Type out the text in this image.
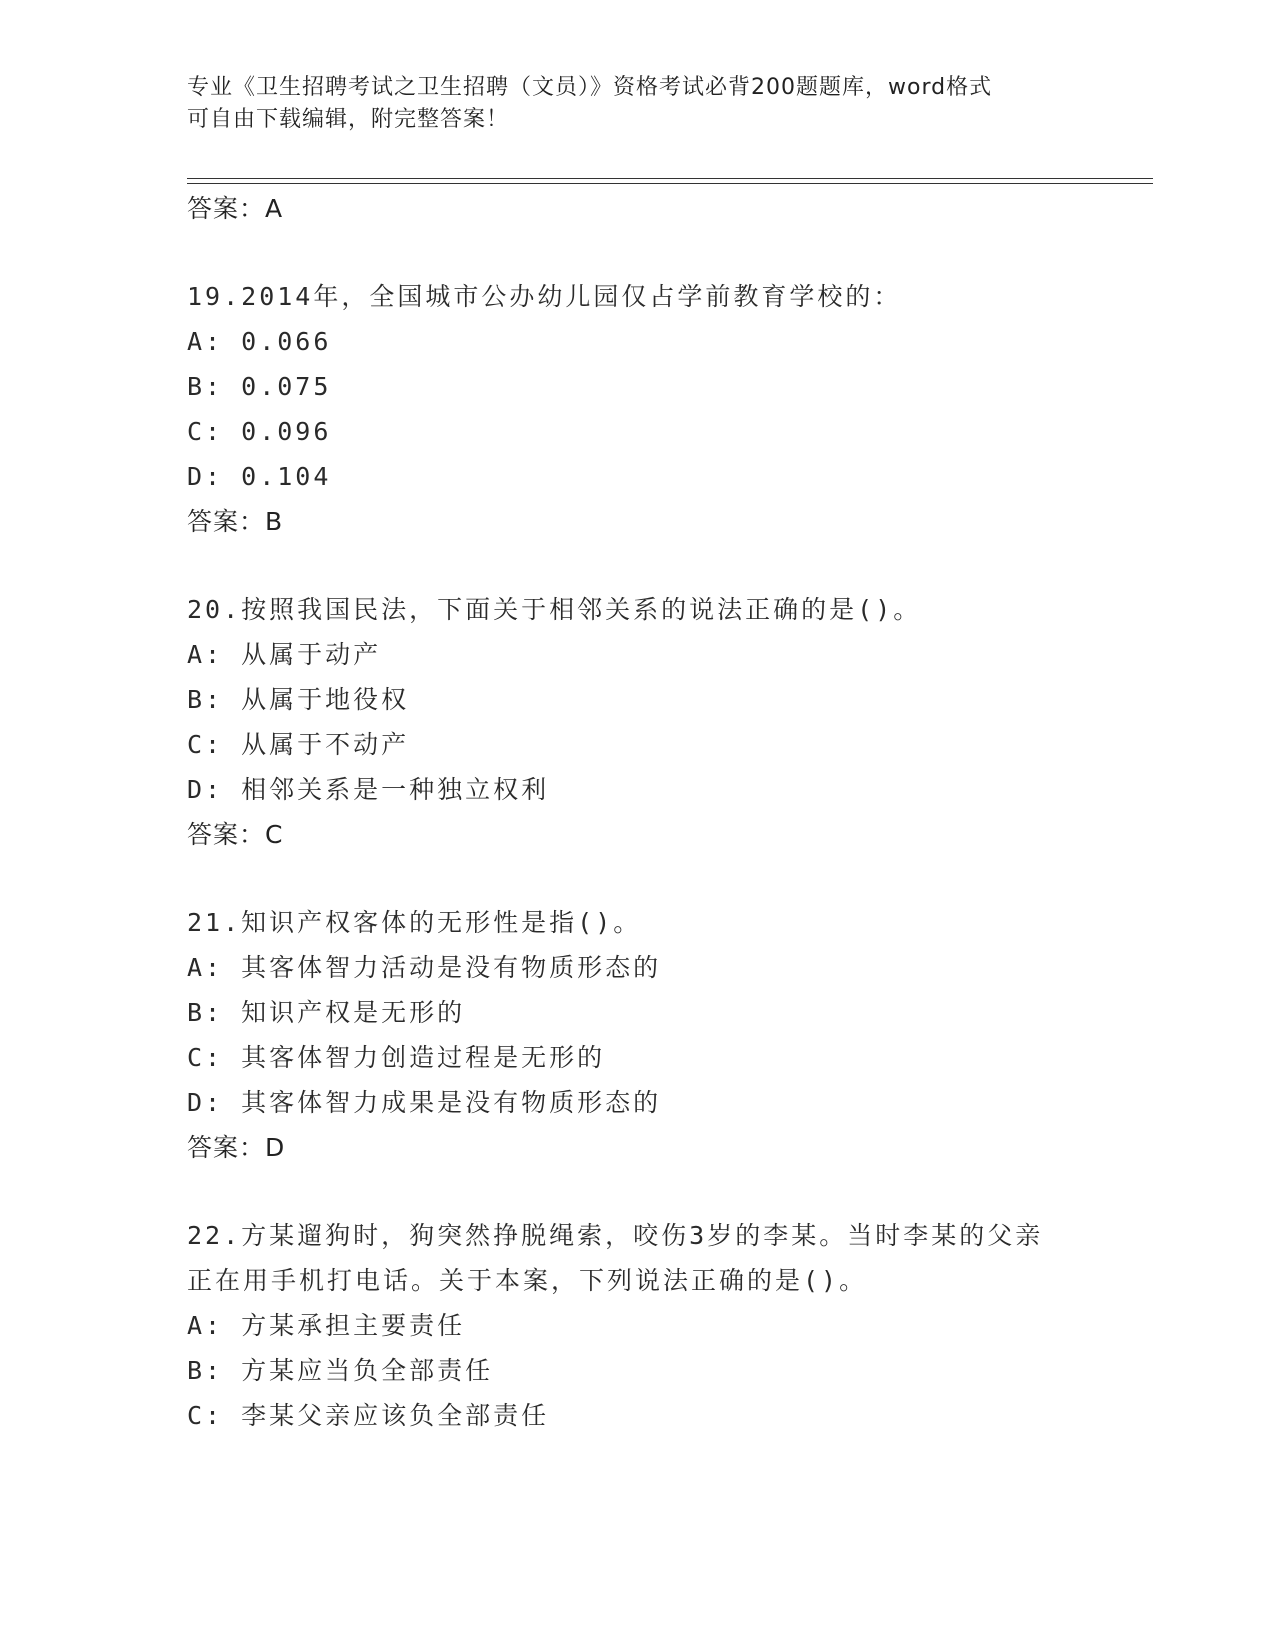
专业《卫生招聘考试之卫生招聘（文员）》资格考试必背200题题库，word格式
可自由下载编辑，附完整答案！
答案：A
19.2014年，全国城市公办幼儿园仅占学前教育学校的：
A: 0.066
B: 0.075
C: 0.096
D: 0.104
答案：B
20.按照我国民法，下面关于相邻关系的说法正确的是()。
A: 从属于动产
B: 从属于地役权
C: 从属于不动产
D: 相邻关系是一种独立权利
答案：C
21.知识产权客体的无形性是指()。
A: 其客体智力活动是没有物质形态的
B: 知识产权是无形的
C: 其客体智力创造过程是无形的
D: 其客体智力成果是没有物质形态的
答案：D
22.方某遛狗时，狗突然挣脱绳索，咬伤3岁的李某。当时李某的父亲
正在用手机打电话。关于本案，下列说法正确的是()。
A: 方某承担主要责任
B: 方某应当负全部责任
C: 李某父亲应该负全部责任
